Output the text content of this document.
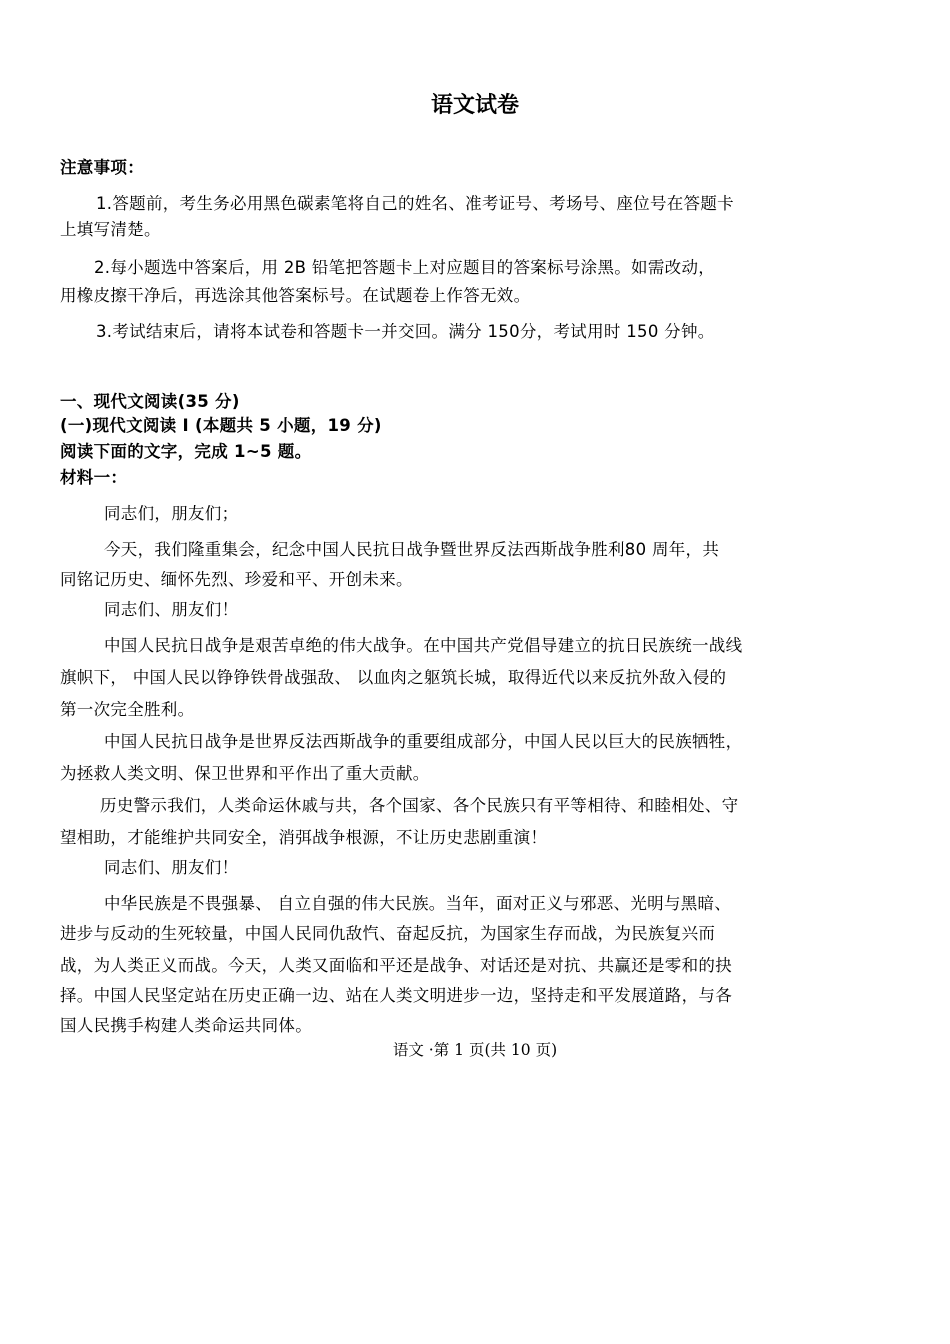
语文试卷
注意事项：
1.答题前，考生务必用黑色碳素笔将自己的姓名、准考证号、考场号、座位号在答题卡
上填写清楚。
2.每小题选中答案后，用 2B 铅笔把答题卡上对应题目的答案标号涂黑。如需改动，
用橡皮擦干净后，再选涂其他答案标号。在试题卷上作答无效。
3.考试结束后，请将本试卷和答题卡一并交回。满分 150分，考试用时 150 分钟。
一、现代文阅读(35 分)
(一)现代文阅读 Ⅰ (本题共 5 小题，19 分)
阅读下面的文字，完成 1~5 题。
材料一：
同志们，朋友们；
今天，我们隆重集会，纪念中国人民抗日战争暨世界反法西斯战争胜利80 周年，共
同铭记历史、缅怀先烈、珍爱和平、开创未来。
同志们、朋友们！
中国人民抗日战争是艰苦卓绝的伟大战争。在中国共产党倡导建立的抗日民族统一战线
旗帜下， 中国人民以铮铮铁骨战强敌、 以血肉之躯筑长城，取得近代以来反抗外敌入侵的
第一次完全胜利。
中国人民抗日战争是世界反法西斯战争的重要组成部分，中国人民以巨大的民族牺牲，
为拯救人类文明、保卫世界和平作出了重大贡献。
历史警示我们，人类命运休戚与共，各个国家、各个民族只有平等相待、和睦相处、守
望相助，才能维护共同安全，消弭战争根源，不让历史悲剧重演！
同志们、朋友们！
中华民族是不畏强暴、 自立自强的伟大民族。当年，面对正义与邪恶、光明与黑暗、
进步与反动的生死较量，中国人民同仇敌忾、奋起反抗，为国家生存而战，为民族复兴而
战，为人类正义而战。今天，人类又面临和平还是战争、对话还是对抗、共赢还是零和的抉
择。中国人民坚定站在历史正确一边、站在人类文明进步一边，坚持走和平发展道路，与各
国人民携手构建人类命运共同体。
语文 ·第 1 页(共 10 页)
